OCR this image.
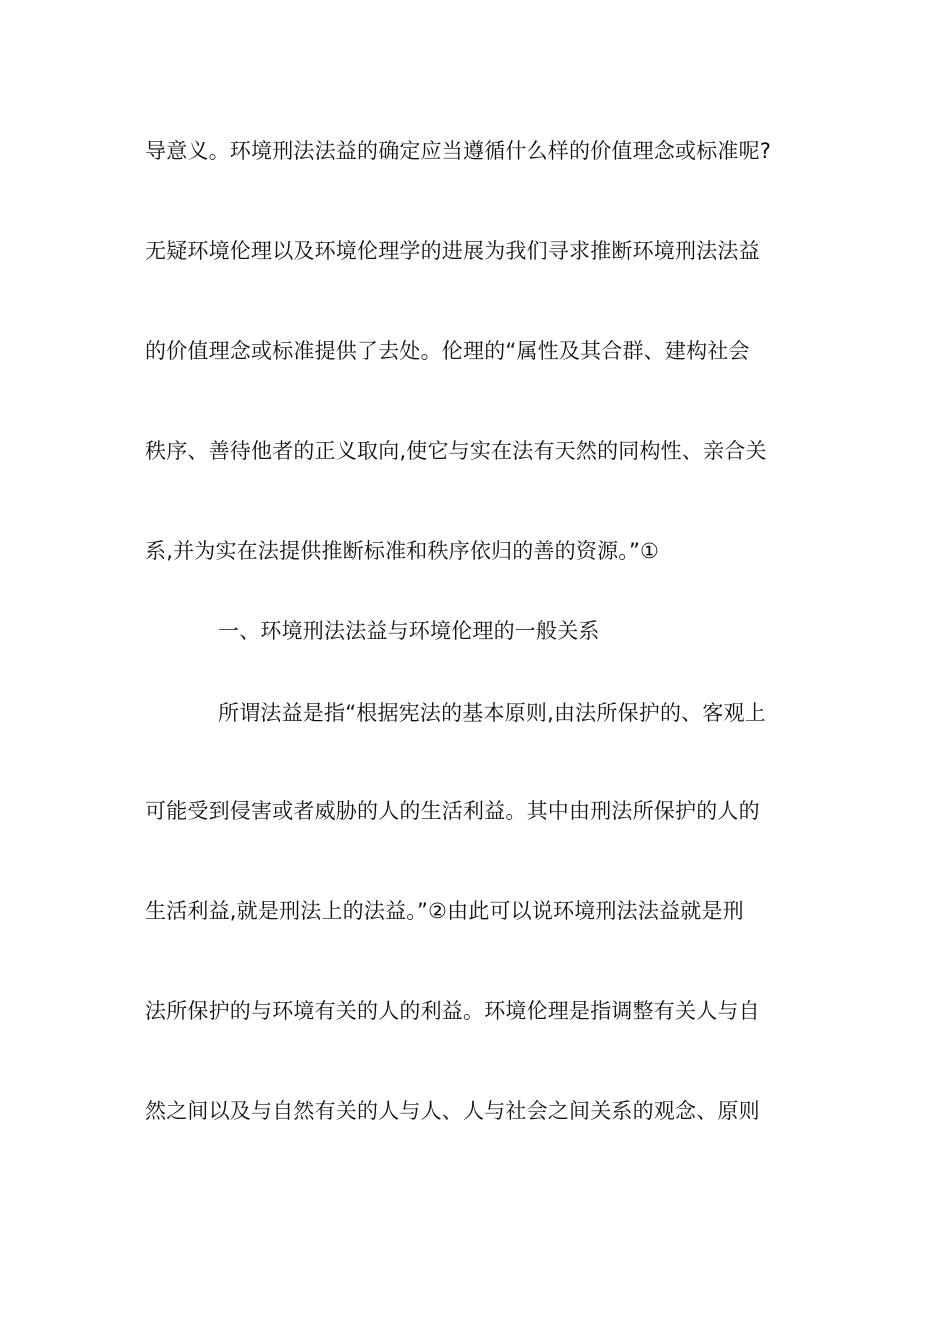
导意义。环境刑法法益的确定应当遵循什么样的价值理念或标准呢?
无疑环境伦理以及环境伦理学的进展为我们寻求推断环境刑法法益
的价值理念或标准提供了去处。伦理的“属性及其合群、建构社会
秩序、善待他者的正义取向,使它与实在法有天然的同构性、亲合关
系,并为实在法提供推断标准和秩序依归的善的资源。”①
一、环境刑法法益与环境伦理的一般关系
所谓法益是指“根据宪法的基本原则,由法所保护的、客观上
可能受到侵害或者威胁的人的生活利益。其中由刑法所保护的人的
生活利益,就是刑法上的法益。”②由此可以说环境刑法法益就是刑
法所保护的与环境有关的人的利益。环境伦理是指调整有关人与自
然之间以及与自然有关的人与人、人与社会之间关系的观念、原则
